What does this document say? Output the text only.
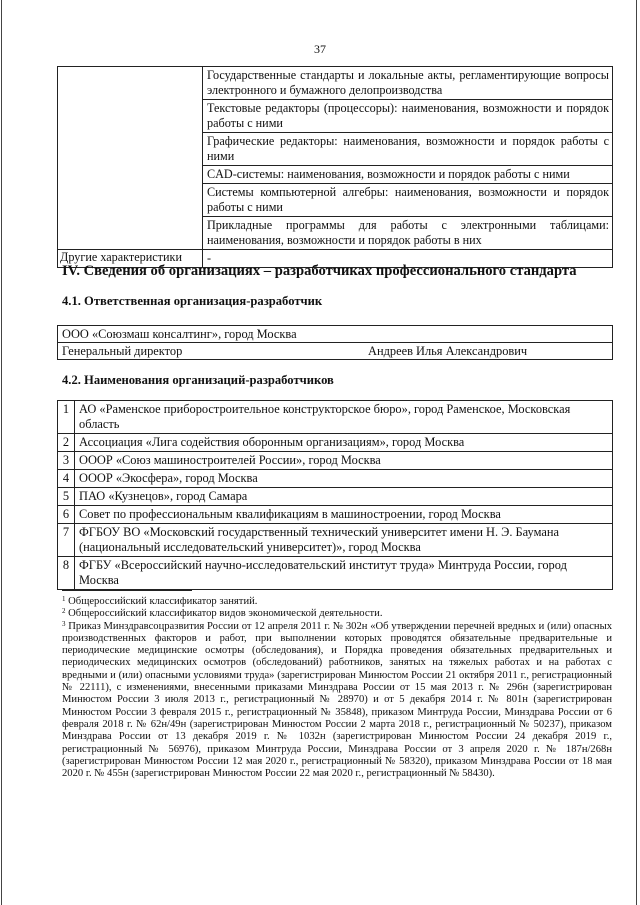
37
	Государственные стандарты и локальные акты, регламентирующие вопросы электронного и бумажного делопроизводства
	Текстовые редакторы (процессоры): наименования, возможности и порядок работы с ними
	Графические редакторы: наименования, возможности и порядок работы с ними
	CAD-системы: наименования, возможности и порядок работы с ними
	Системы компьютерной алгебры: наименования, возможности и порядок работы с ними
	Прикладные программы для работы с электронными таблицами: наименования, возможности и порядок работы в них
Другие характеристики	-
IV. Сведения об организациях – разработчиках профессионального стандарта
4.1. Ответственная организация-разработчик
ООО «Союзмаш консалтинг», город Москва
Генеральный директор	Андреев Илья Александрович
4.2. Наименования организаций-разработчиков
1	АО «Раменское приборостроительное конструкторское бюро», город Раменское, Московская область
2	Ассоциация «Лига содействия оборонным организациям», город Москва
3	ОООР «Союз машиностроителей России», город Москва
4	ОООР «Экосфера», город Москва
5	ПАО «Кузнецов», город Самара
6	Совет по профессиональным квалификациям в машиностроении, город Москва
7	ФГБОУ ВО «Московский государственный технический университет имени Н. Э. Баумана (национальный исследовательский университет)», город Москва
8	ФГБУ «Всероссийский научно-исследовательский институт труда» Минтруда России, город Москва

$^1$ Общероссийский классификатор занятий.

$^2$ Общероссийский классификатор видов экономической деятельности.

$^3$ Приказ Минздравсоцразвития России от 12 апреля 2011 г. № 302н «Об утверждении перечней вредных и (или) опасных производственных факторов и работ, при выполнении которых проводятся обязательные предварительные и периодические медицинские осмотры (обследования), и Порядка проведения обязательных предварительных и периодических медицинских осмотров (обследований) работников, занятых на тяжелых работах и на работах с вредными и (или) опасными условиями труда» (зарегистрирован Минюстом России 21 октября 2011 г., регистрационный № 22111), с изменениями, внесенными приказами Минздрава России от 15 мая 2013 г. № 296н (зарегистрирован Минюстом России 3 июля 2013 г., регистрационный № 28970) и от 5 декабря 2014 г. № 801н (зарегистрирован Минюстом России 3 февраля 2015 г., регистрационный № 35848), приказом Минтруда России, Минздрава России от 6 февраля 2018 г. № 62н/49н (зарегистрирован Минюстом России 2 марта 2018 г., регистрационный № 50237), приказом Минздрава России от 13 декабря 2019 г. № 1032н (зарегистрирован Минюстом России 24 декабря 2019 г., регистрационный № 56976), приказом Минтруда России, Минздрава России от 3 апреля 2020 г. № 187н/268н (зарегистрирован Минюстом России 12 мая 2020 г., регистрационный № 58320), приказом Минздрава России от 18 мая 2020 г. № 455н (зарегистрирован Минюстом России 22 мая 2020 г., регистрационный № 58430).
